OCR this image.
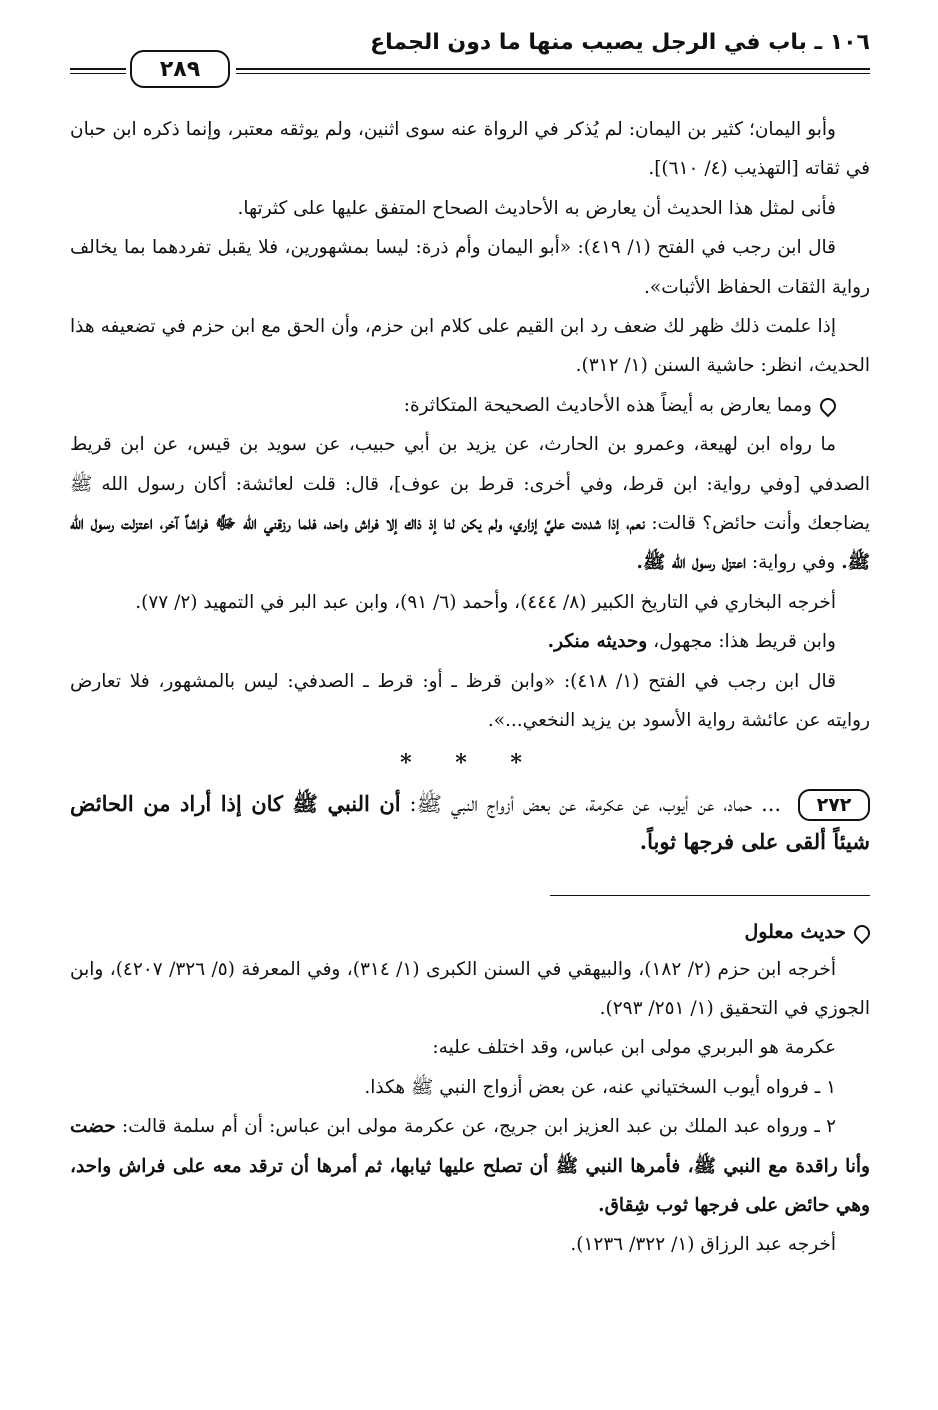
١٠٦ ـ باب في الرجل يصيب منها ما دون الجماع
٢٨٩

وأبو اليمان؛ كثير بن اليمان: لم يُذكر في الرواة عنه سوى اثنين، ولم يوثقه معتبر، وإنما ذكره ابن حبان في ثقاته [التهذيب (٤/ ٦١٠)].

فأنى لمثل هذا الحديث أن يعارض به الأحاديث الصحاح المتفق عليها على كثرتها.

قال ابن رجب في الفتح (١/ ٤١٩): «أبو اليمان وأم ذرة: ليسا بمشهورين، فلا يقبل تفردهما بما يخالف رواية الثقات الحفاظ الأثبات».

إذا علمت ذلك ظهر لك ضعف رد ابن القيم على كلام ابن حزم، وأن الحق مع ابن حزم في تضعيفه هذا الحديث، انظر: حاشية السنن (١/ ٣١٢).

ومما يعارض به أيضاً هذه الأحاديث الصحيحة المتكاثرة:

ما رواه ابن لهيعة، وعمرو بن الحارث، عن يزيد بن أبي حبيب، عن سويد بن قيس، عن ابن قريط الصدفي [وفي رواية: ابن قرط، وفي أخرى: قرط بن عوف]، قال: قلت لعائشة: أكان رسول الله ﷺ يضاجعك وأنت حائض؟ قالت: نعم، إذا شددت عليَّ إزاري، ولم يكن لنا إذ ذاك إلا فراش واحد، فلما رزقني الله ﷻ فراشاً آخر، اعتزلت رسول الله ﷺ. وفي رواية: اعتزل رسول الله ﷺ.

أخرجه البخاري في التاريخ الكبير (٨/ ٤٤٤)، وأحمد (٦/ ٩١)، وابن عبد البر في التمهيد (٢/ ٧٧).

وابن قريط هذا: مجهول، وحديثه منكر.

قال ابن رجب في الفتح (١/ ٤١٨): «وابن قرظ ـ أو: قرط ـ الصدفي: ليس بالمشهور، فلا تعارض روايته عن عائشة رواية الأسود بن يزيد النخعي...».

* * *

٢٧٢ ... حماد، عن أيوب، عن عكرمة، عن بعض أزواج النبي ﷺ: أن النبي ﷺ كان إذا أراد من الحائض شيئاً ألقى على فرجها ثوباً.

حديث معلول

أخرجه ابن حزم (٢/ ١٨٢)، والبيهقي في السنن الكبرى (١/ ٣١٤)، وفي المعرفة (٥/ ٣٢٦/ ٤٢٠٧)، وابن الجوزي في التحقيق (١/ ٢٥١/ ٢٩٣).

عكرمة هو البربري مولى ابن عباس، وقد اختلف عليه:

١ ـ فرواه أيوب السختياني عنه، عن بعض أزواج النبي ﷺ هكذا.

٢ ـ ورواه عبد الملك بن عبد العزيز ابن جريج، عن عكرمة مولى ابن عباس: أن أم سلمة قالت: حضت وأنا راقدة مع النبي ﷺ، فأمرها النبي ﷺ أن تصلح عليها ثيابها، ثم أمرها أن ترقد معه على فراش واحد، وهي حائض على فرجها ثوب شِقاق.

أخرجه عبد الرزاق (١/ ٣٢٢/ ١٢٣٦).
